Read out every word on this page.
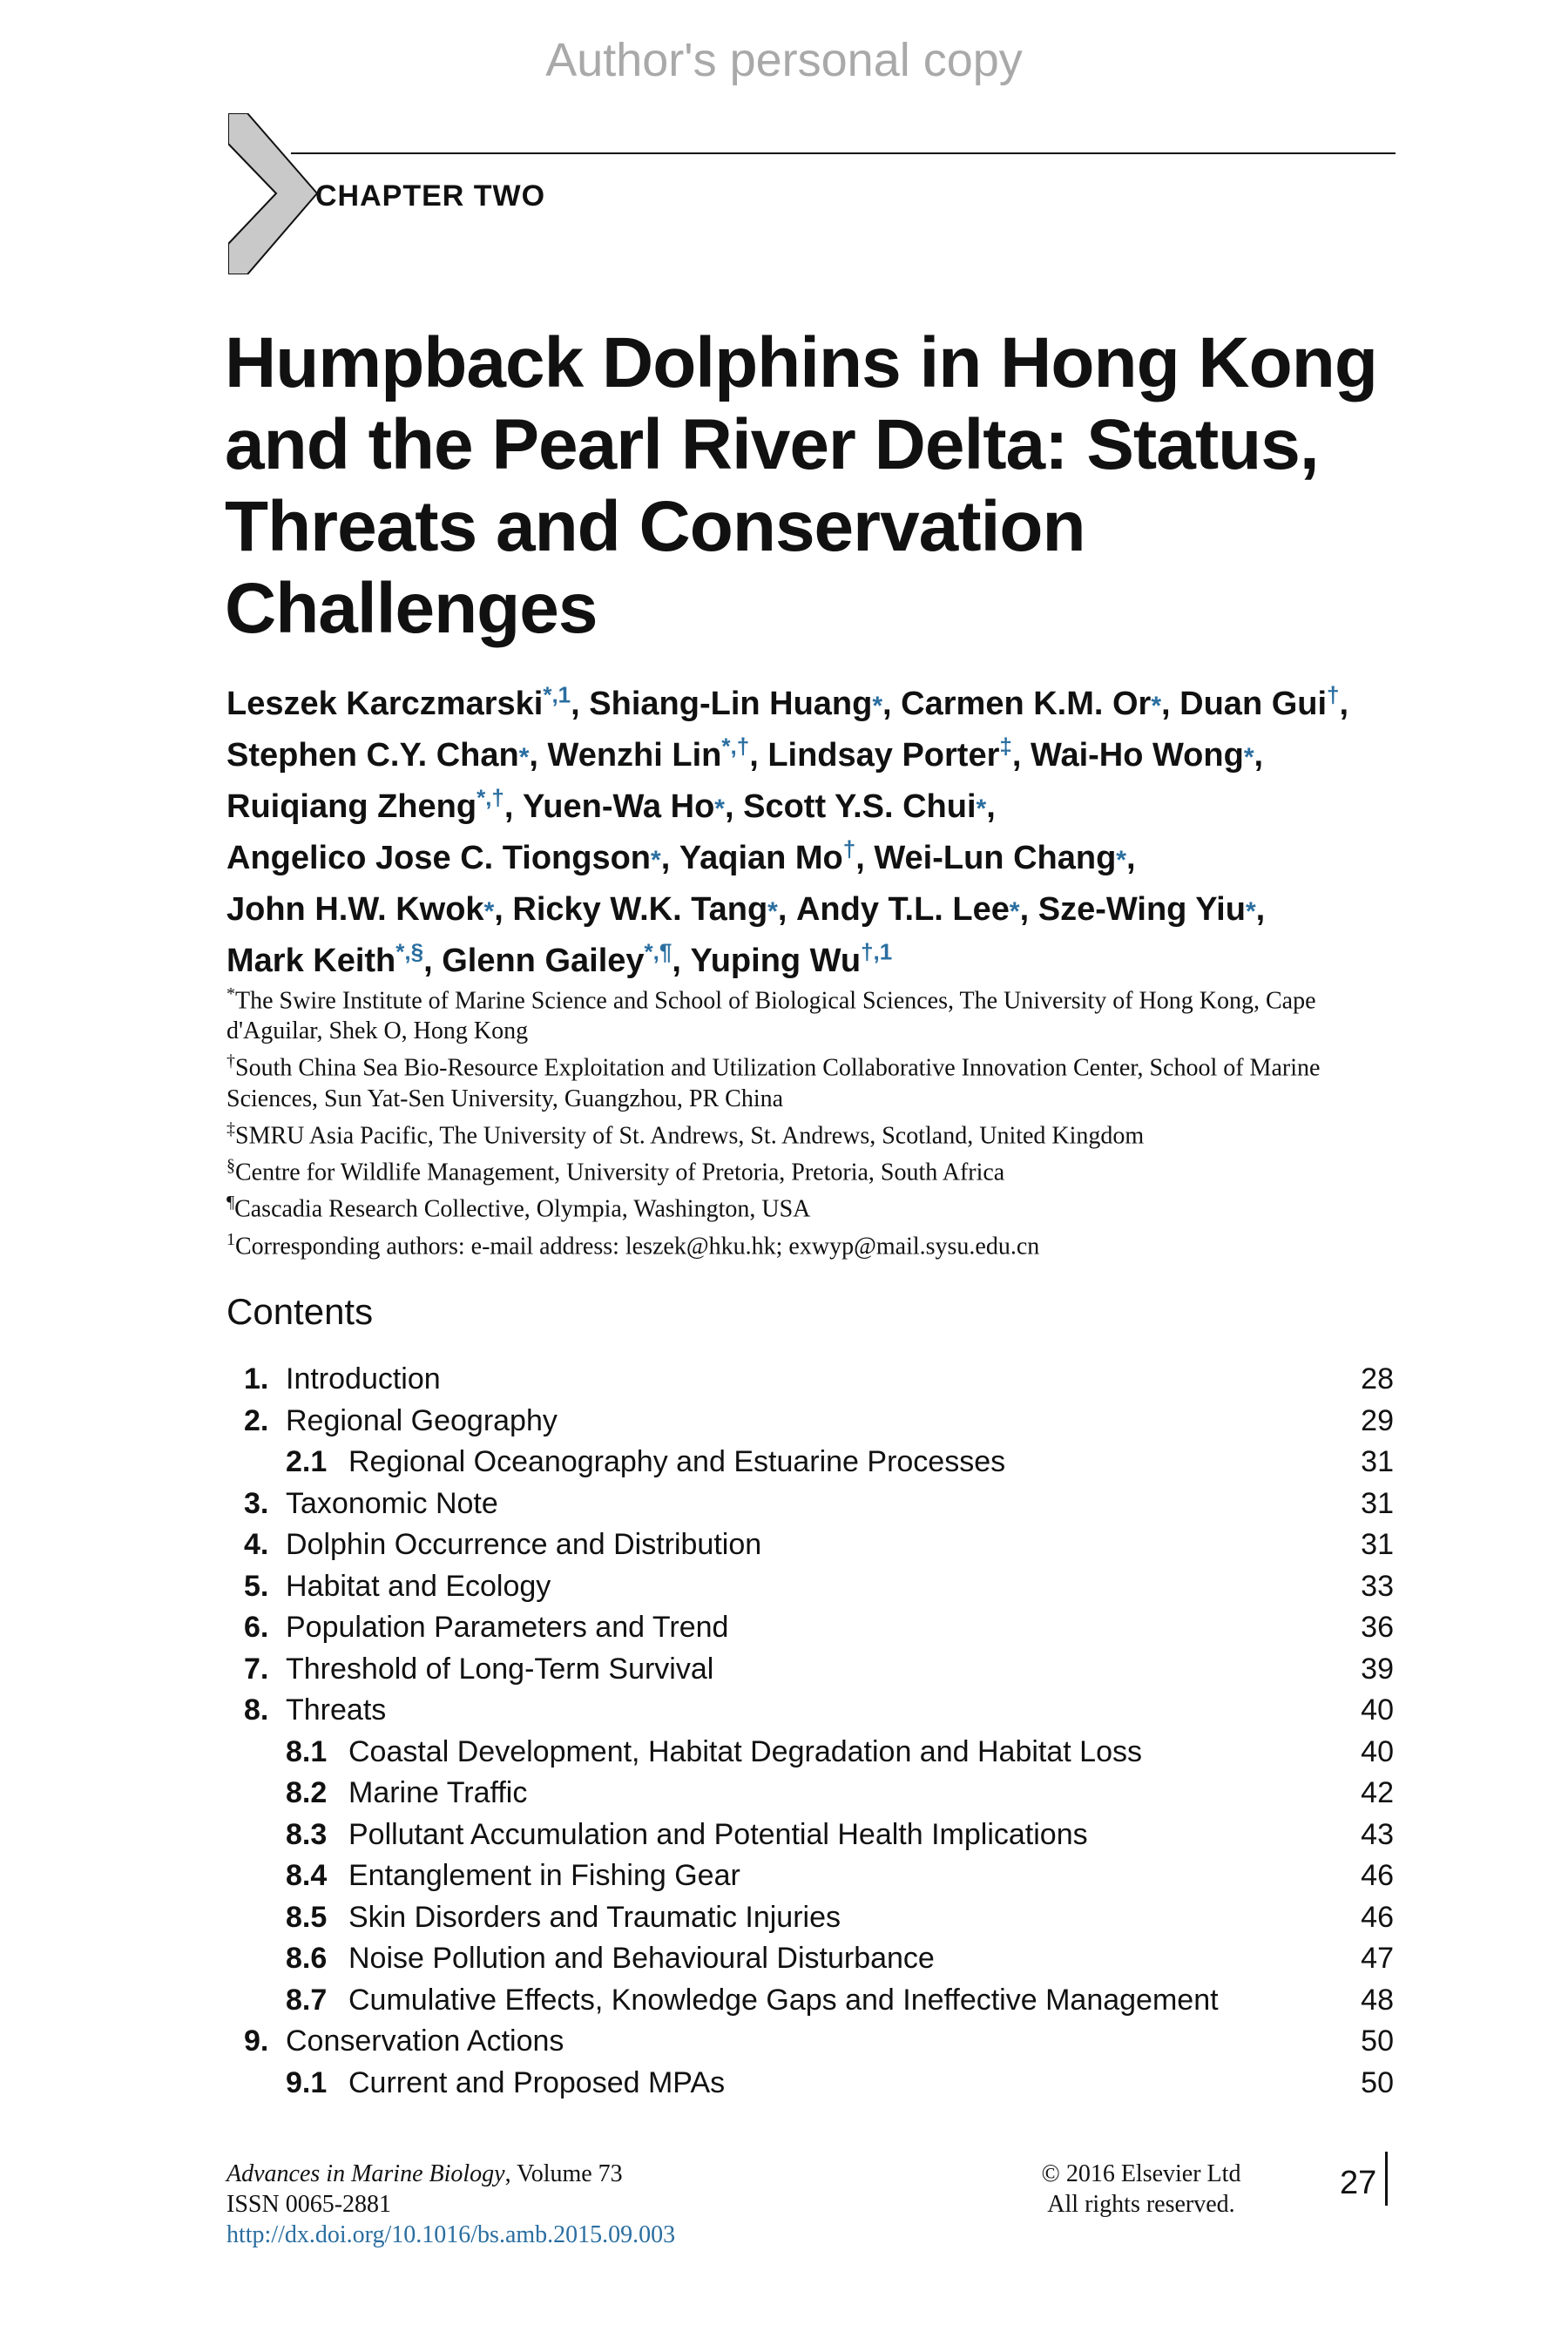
Author's personal copy
CHAPTER TWO
Humpback Dolphins in Hong Kong and the Pearl River Delta: Status, Threats and Conservation Challenges
Leszek Karczmarski$^{*,1}$, Shiang-Lin Huang*, Carmen K.M. Or*, Duan Gui†, Stephen C.Y. Chan*, Wenzhi Lin*,†, Lindsay Porter‡, Wai-Ho Wong*, Ruiqiang Zheng*,†, Yuen-Wa Ho*, Scott Y.S. Chui*, Angelico Jose C. Tiongson*, Yaqian Mo†, Wei-Lun Chang*, John H.W. Kwok*, Ricky W.K. Tang*, Andy T.L. Lee*, Sze-Wing Yiu*, Mark Keith*,§, Glenn Gailey*,¶, Yuping $Wu^{\dagger,1}$
*The Swire Institute of Marine Science and School of Biological Sciences, The University of Hong Kong, Cape d'Aguilar, Shek O, Hong Kong
†South China Sea Bio-Resource Exploitation and Utilization Collaborative Innovation Center, School of Marine Sciences, Sun Yat-Sen University, Guangzhou, PR China
‡SMRU Asia Pacific, The University of St. Andrews, St. Andrews, Scotland, United Kingdom
§Centre for Wildlife Management, University of Pretoria, Pretoria, South Africa
¶Cascadia Research Collective, Olympia, Washington, USA
$^1$Corresponding authors: e-mail address: leszek@hku.hk; exwyp@mail.sysu.edu.cn
Contents
1. Introduction	28
2. Regional Geography	29
2.1 Regional Oceanography and Estuarine Processes	31
3. Taxonomic Note	31
4. Dolphin Occurrence and Distribution	31
5. Habitat and Ecology	33
6. Population Parameters and Trend	36
7. Threshold of Long-Term Survival	39
8. Threats	40
8.1 Coastal Development, Habitat Degradation and Habitat Loss	40
8.2 Marine Traffic	42
8.3 Pollutant Accumulation and Potential Health Implications	43
8.4 Entanglement in Fishing Gear	46
8.5 Skin Disorders and Traumatic Injuries	46
8.6 Noise Pollution and Behavioural Disturbance	47
8.7 Cumulative Effects, Knowledge Gaps and Ineffective Management	48
9. Conservation Actions	50
9.1 Current and Proposed MPAs	50
Advances in Marine Biology, Volume 73
ISSN 0065-2881
http://dx.doi.org/10.1016/bs.amb.2015.09.003
© 2016 Elsevier Ltd
All rights reserved.
27
